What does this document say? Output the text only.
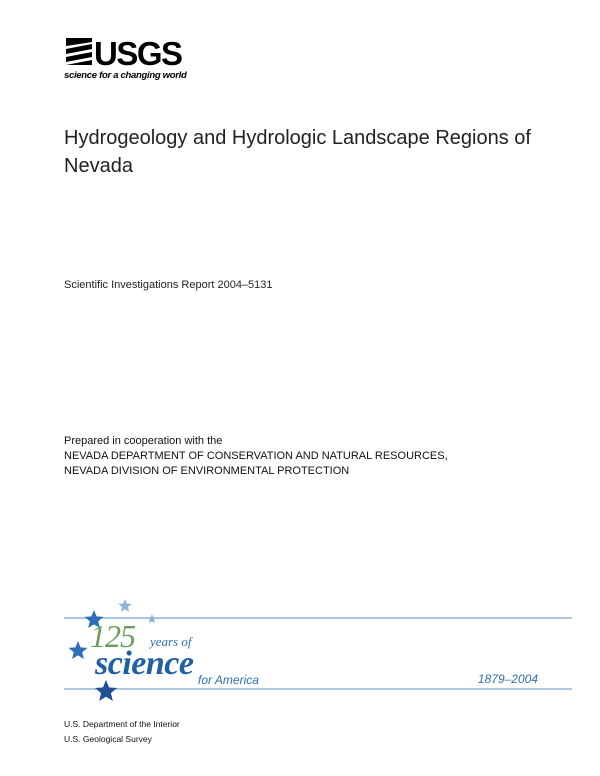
USGS
science for a changing world
Hydrogeology and Hydrologic Landscape Regions of Nevada
Scientific Investigations Report 2004–5131
Prepared in cooperation with the
NEVADA DEPARTMENT OF CONSERVATION AND NATURAL RESOURCES,
NEVADA DIVISION OF ENVIRONMENTAL PROTECTION
125 years of
science for America	1879–2004
U.S. Department of the Interior
U.S. Geological Survey
